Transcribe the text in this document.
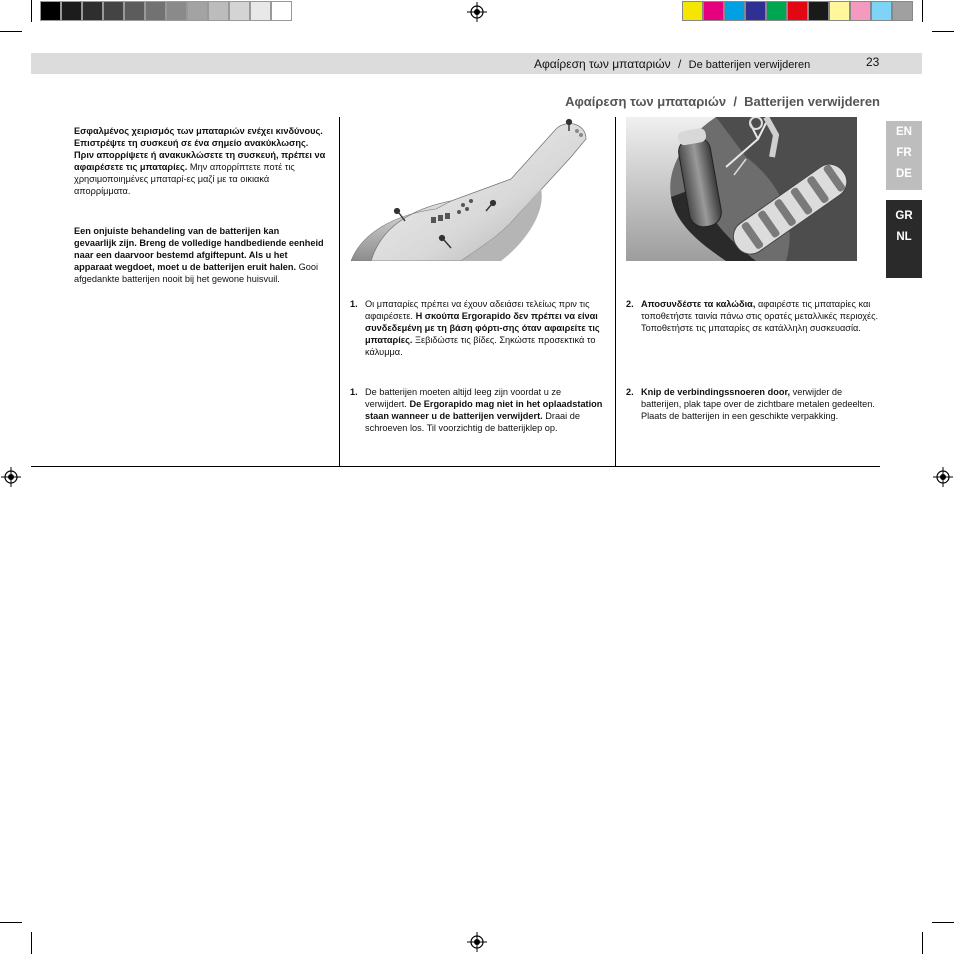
Αφαίρεση των μπαταριών / De batterijen verwijderen	23
Αφαίρεση των μπαταριών  /  Batterijen verwijderen
EN
FR
DE
GR
NL
Εσφαλμένος χειρισμός των μπαταριών ενέχει κινδύνους. Επιστρέψτε τη συσκευή σε ένα σημείο ανακύκλωσης. Πριν απορρίψετε ή ανακυκλώσετε τη συσκευή, πρέπει να αφαιρέσετε τις μπαταρίες. Μην απορρίπτετε ποτέ τις χρησιμοποιημένες μπαταρί-ες μαζί με τα οικιακά απορρίμματα.
Een onjuiste behandeling van de batterijen kan gevaarlijk zijn. Breng de volledige handbediende eenheid naar een daarvoor bestemd afgiftepunt. Als u het apparaat wegdoet, moet u de batterijen eruit halen. Gooi afgedankte batterijen nooit bij het gewone huisvuil.
1. Οι μπαταρίες πρέπει να έχουν αδειάσει τελείως πριν τις αφαιρέσετε. Η σκούπα Ergorapido δεν πρέπει να είναι συνδεδεμένη με τη βάση φόρτι-σης όταν αφαιρείτε τις μπαταρίες. Ξεβιδώστε τις βίδες. Σηκώστε προσεκτικά το κάλυμμα.
1. De batterijen moeten altijd leeg zijn voordat u ze verwijdert. De Ergorapido mag niet in het oplaadstation staan wanneer u de batterijen verwijdert. Draai de schroeven los. Til voorzichtig de batterijklep op.
2. Αποσυνδέστε τα καλώδια, αφαιρέστε τις μπαταρίες και τοποθετήστε ταινία πάνω στις ορατές μεταλλικές περιοχές. Τοποθετήστε τις μπαταρίες σε κατάλληλη συσκευασία.
2. Knip de verbindingssnoeren door, verwijder de batterijen, plak tape over de zichtbare metalen gedeelten. Plaats de batterijen in een geschikte verpakking.
